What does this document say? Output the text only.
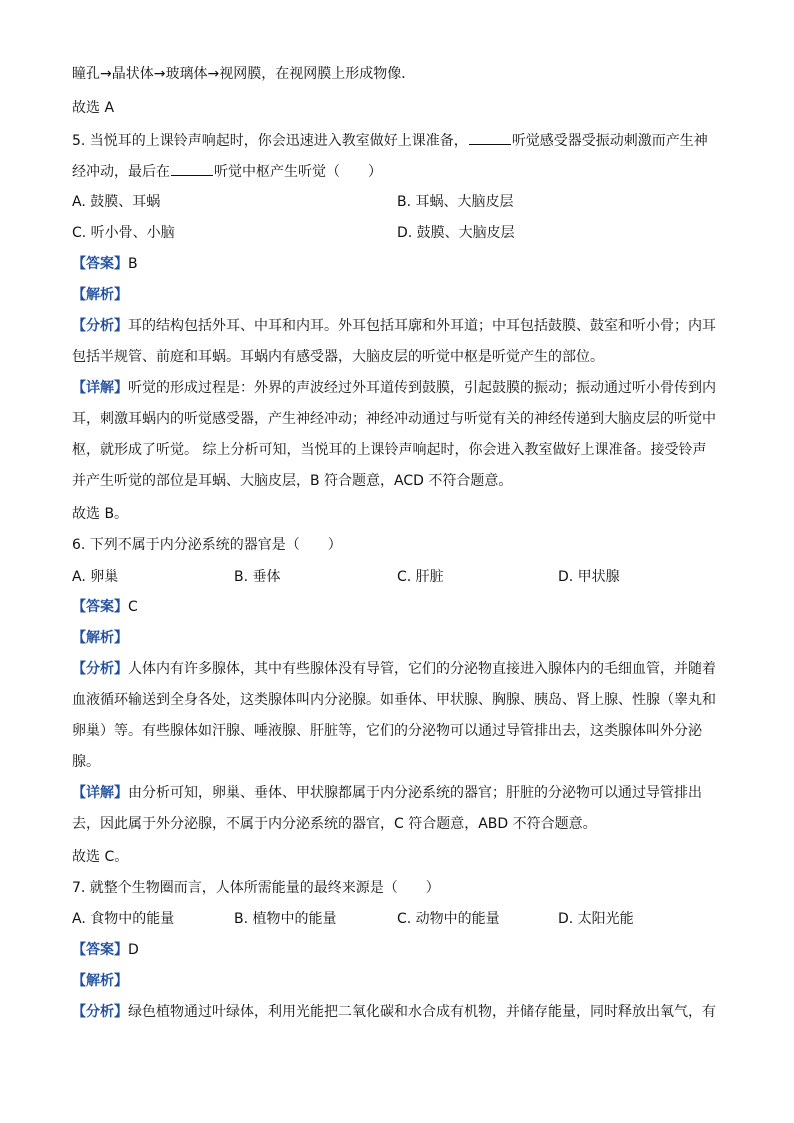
瞳孔→晶状体→玻璃体→视网膜，在视网膜上形成物像．
故选 A
5. 当悦耳的上课铃声响起时，你会迅速进入教室做好上课准备，	听觉感受器受振动刺激而产生神
经冲动，最后在	听觉中枢产生听觉（　　）
A. 鼓膜、耳蜗	B. 耳蜗、大脑皮层
C. 听小骨、小脑	D. 鼓膜、大脑皮层
【答案】B
【解析】
【分析】耳的结构包括外耳、中耳和内耳。外耳包括耳廓和外耳道；中耳包括鼓膜、鼓室和听小骨；内耳
包括半规管、前庭和耳蜗。耳蜗内有感受器，大脑皮层的听觉中枢是听觉产生的部位。
【详解】听觉的形成过程是：外界的声波经过外耳道传到鼓膜，引起鼓膜的振动；振动通过听小骨传到内
耳，刺激耳蜗内的听觉感受器，产生神经冲动；神经冲动通过与听觉有关的神经传递到大脑皮层的听觉中
枢，就形成了听觉。 综上分析可知，当悦耳的上课铃声响起时，你会进入教室做好上课准备。接受铃声
并产生听觉的部位是耳蜗、大脑皮层，B 符合题意，ACD 不符合题意。
故选 B。
6. 下列不属于内分泌系统的器官是（　　）
A. 卵巢	B. 垂体	C. 肝脏	D. 甲状腺
【答案】C
【解析】
【分析】人体内有许多腺体，其中有些腺体没有导管，它们的分泌物直接进入腺体内的毛细血管，并随着
血液循环输送到全身各处，这类腺体叫内分泌腺。如垂体、甲状腺、胸腺、胰岛、肾上腺、性腺（睾丸和
卵巢）等。有些腺体如汗腺、唾液腺、肝脏等，它们的分泌物可以通过导管排出去，这类腺体叫外分泌
腺。
【详解】由分析可知，卵巢、垂体、甲状腺都属于内分泌系统的器官；肝脏的分泌物可以通过导管排出
去，因此属于外分泌腺，不属于内分泌系统的器官，C 符合题意，ABD 不符合题意。
故选 C。
7. 就整个生物圈而言，人体所需能量的最终来源是（　　）
A. 食物中的能量	B. 植物中的能量	C. 动物中的能量	D. 太阳光能
【答案】D
【解析】
【分析】绿色植物通过叶绿体，利用光能把二氧化碳和水合成有机物，并储存能量，同时释放出氧气，有
